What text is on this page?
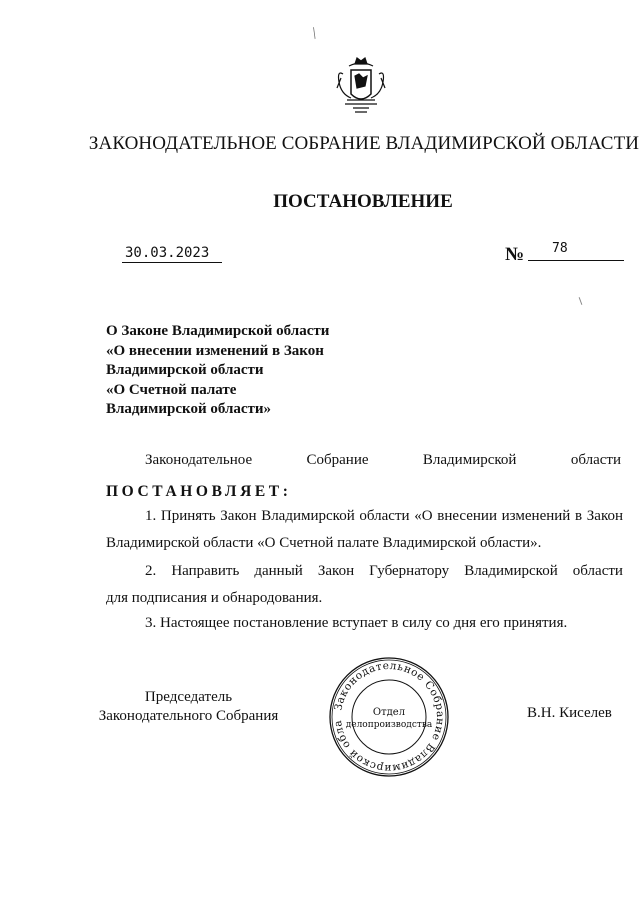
╱
ЗАКОНОДАТЕЛЬНОЕ СОБРАНИЕ ВЛАДИМИРСКОЙ ОБЛАСТИ
ПОСТАНОВЛЕНИЕ
30.03.2023	№ 78
О Законе Владимирской области
«О внесении изменений в Закон
Владимирской области
«О Счетной палате
Владимирской области»
Законодательное	Собрание	Владимирской	области
ПОСТАНОВЛЯЕТ:
1. Принять Закон Владимирской области «О внесении изменений в Закон
Владимирской области «О Счетной палате Владимирской области».
2. Направить данный Закон Губернатору Владимирской области
для подписания и обнародования.
3. Настоящее постановление вступает в силу со дня его принятия.
Председатель
Законодательного Собрания
Законодательное Собрание Владимирской обла
Отдел
делопроизводства
В.Н. Киселев
